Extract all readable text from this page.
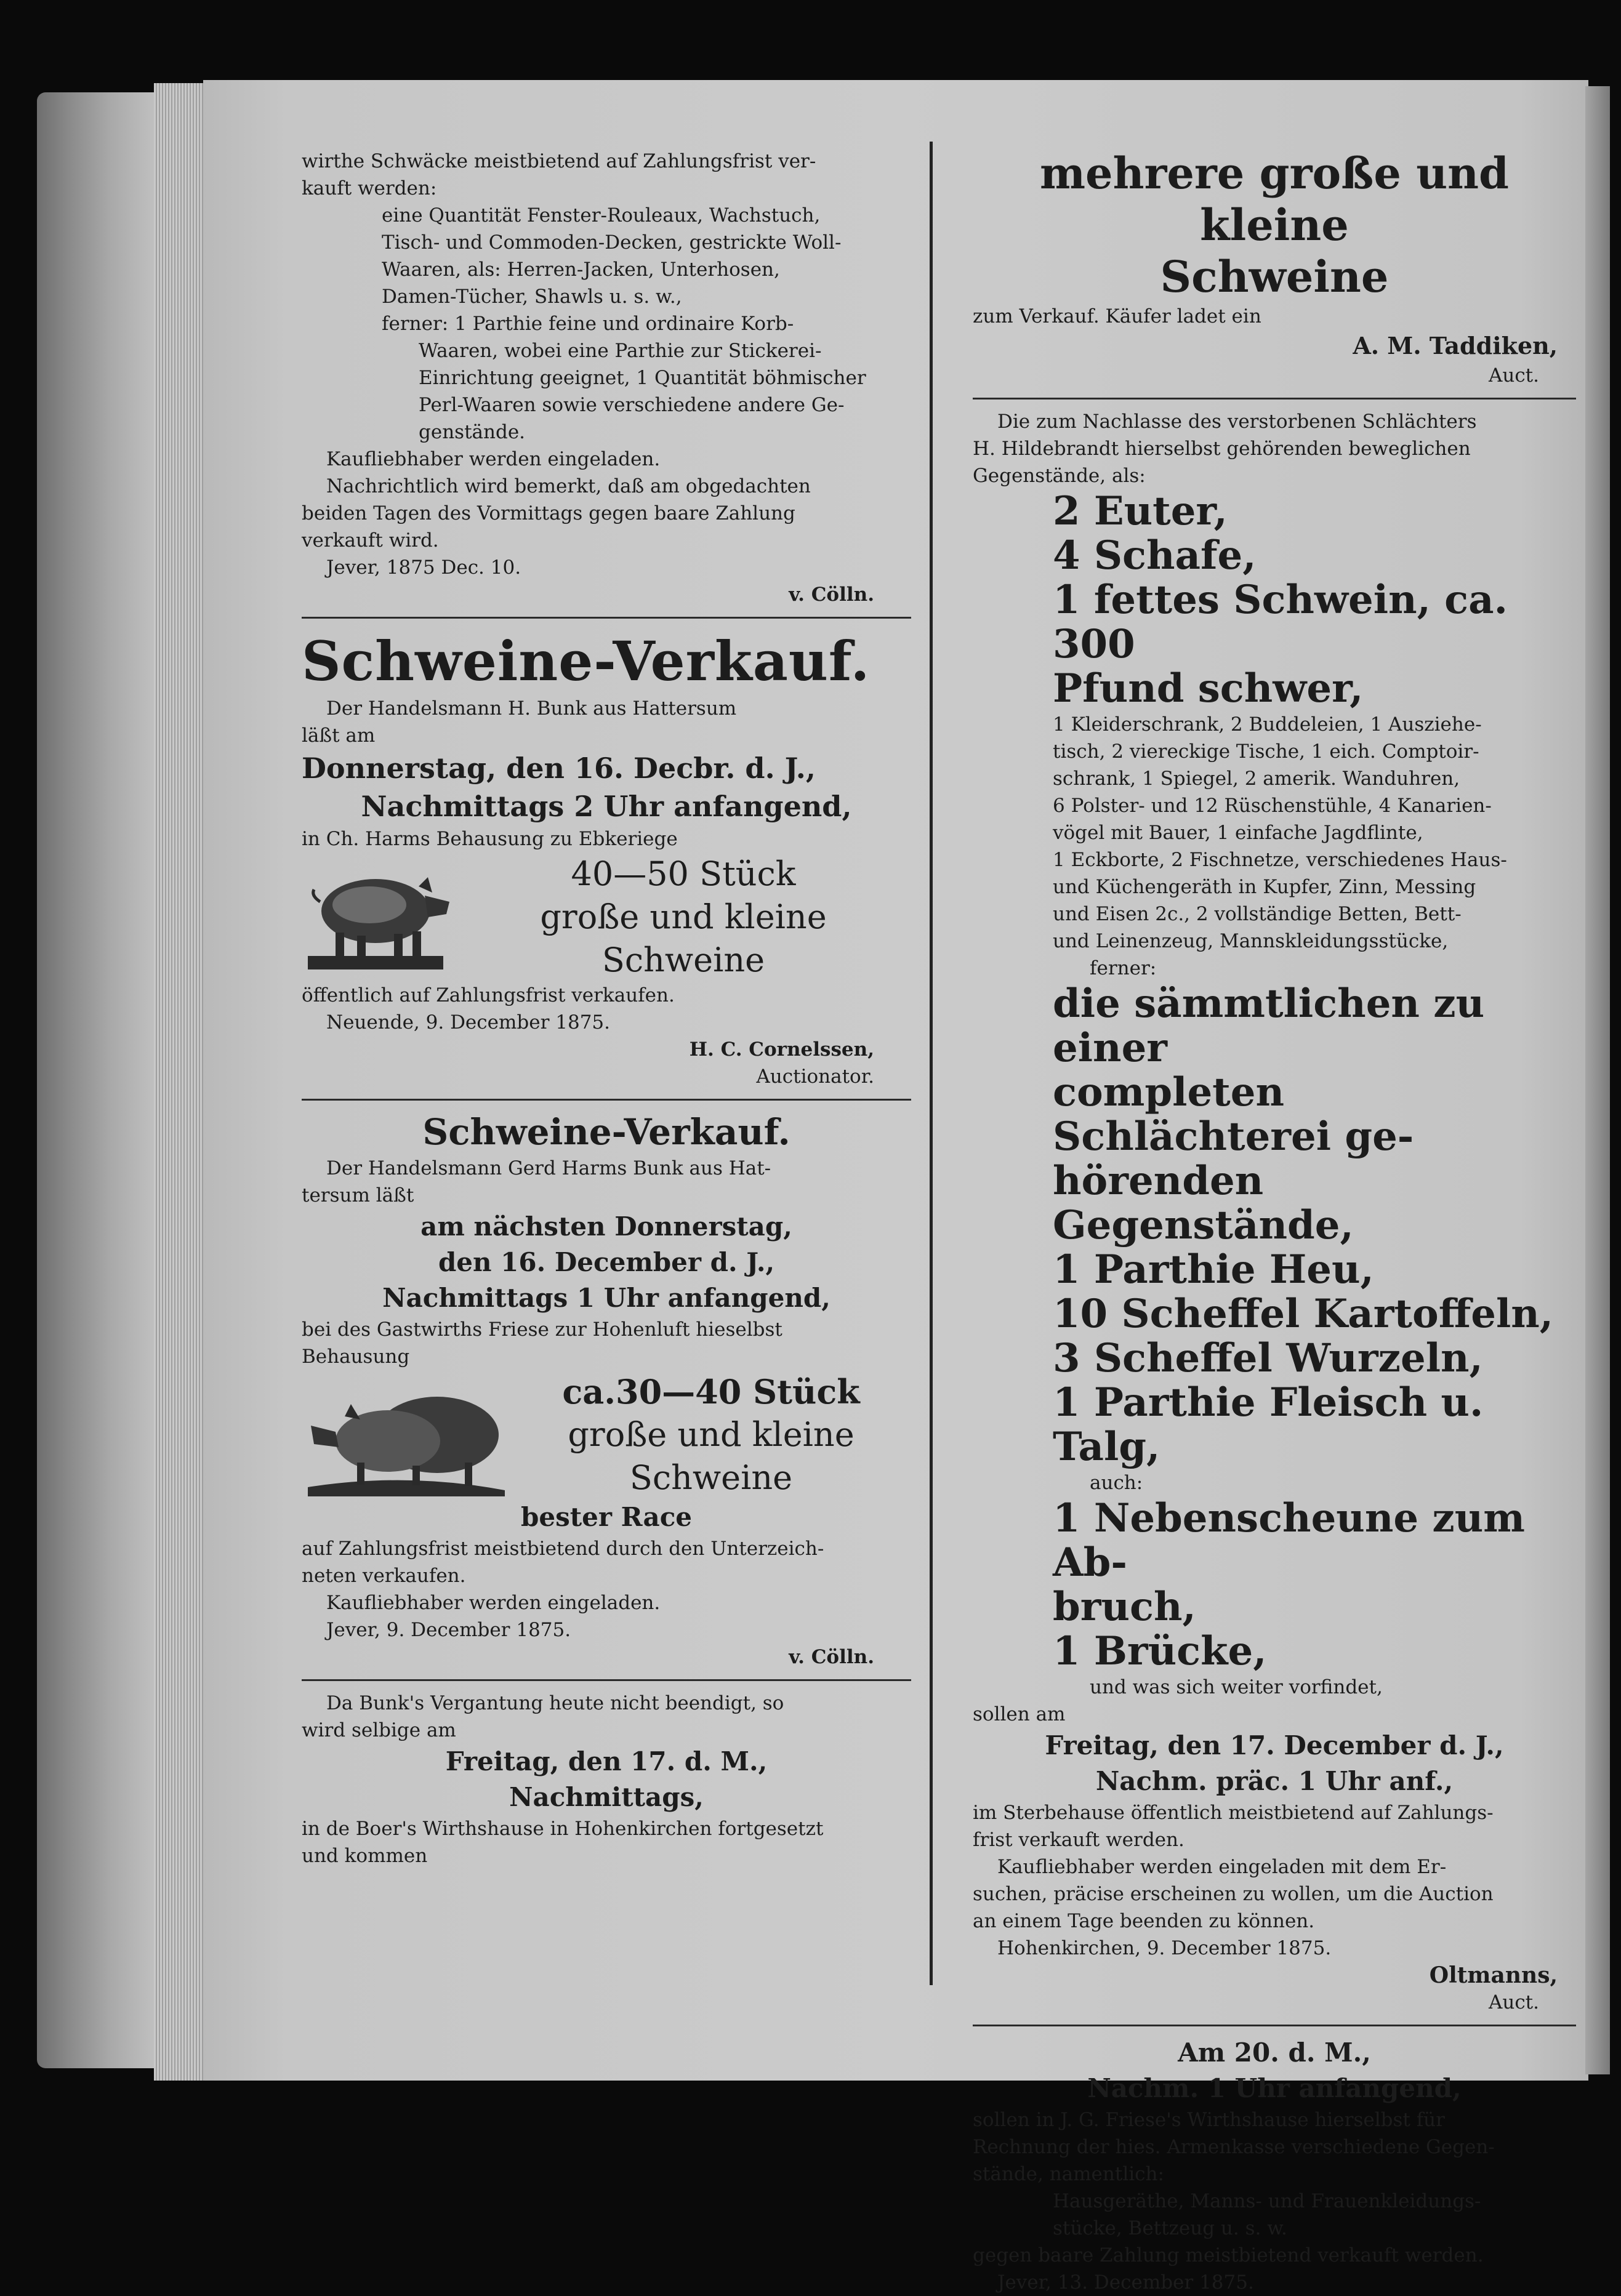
wirthe Schwäcke meistbietend auf Zahlungsfrist ver-

kauft werden:

eine Quantität Fenster-Rouleaux, Wachstuch,

Tisch- und Commoden-Decken, gestrickte Woll-

Waaren, als: Herren-Jacken, Unterhosen,

Damen-Tücher, Shawls u. s. w.,

ferner: 1 Parthie feine und ordinaire Korb-

Waaren, wobei eine Parthie zur Stickerei-

Einrichtung geeignet, 1 Quantität böhmischer

Perl-Waaren sowie verschiedene andere Ge-

genstände.

Kaufliebhaber werden eingeladen.

Nachrichtlich wird bemerkt, daß am obgedachten

beiden Tagen des Vormittags gegen baare Zahlung

verkauft wird.

Jever, 1875 Dec. 10.

v. Cölln.

Schweine-Verkauf.

Der Handelsmann H. Bunk aus Hattersum

läßt am

Donnerstag, den 16. Decbr. d. J.,
Nachmittags 2 Uhr anfangend,

in Ch. Harms Behausung zu Ebkeriege

40—50 Stück
große und kleine
Schweine

öffentlich auf Zahlungsfrist verkaufen.

Neuende, 9. December 1875.

H. C. Cornelssen,

Auctionator.

Schweine-Verkauf.

Der Handelsmann Gerd Harms Bunk aus Hat-

tersum läßt

am nächsten Donnerstag,
den 16. December d. J.,
Nachmittags 1 Uhr anfangend,

bei des Gastwirths Friese zur Hohenluft hieselbst

Behausung

ca.30—40 Stück
große und kleine
Schweine
bester Race

auf Zahlungsfrist meistbietend durch den Unterzeich-

neten verkaufen.

Kaufliebhaber werden eingeladen.

Jever, 9. December 1875.

v. Cölln.

Da Bunk's Vergantung heute nicht beendigt, so

wird selbige am

Freitag, den 17. d. M.,
Nachmittags,

in de Boer's Wirthshause in Hohenkirchen fortgesetzt

und kommen

mehrere große und kleine
Schweine

zum Verkauf. Käufer ladet ein

A. M. Taddiken,

Auct.

Die zum Nachlasse des verstorbenen Schlächters

H. Hildebrandt hierselbst gehörenden beweglichen

Gegenstände, als:

2 Euter,
4 Schafe,
1 fettes Schwein, ca. 300
Pfund schwer,

1 Kleiderschrank, 2 Buddeleien, 1 Ausziehe-

tisch, 2 viereckige Tische, 1 eich. Comptoir-

schrank, 1 Spiegel, 2 amerik. Wanduhren,

6 Polster- und 12 Rüschenstühle, 4 Kanarien-

vögel mit Bauer, 1 einfache Jagdflinte,

1 Eckborte, 2 Fischnetze, verschiedenes Haus-

und Küchengeräth in Kupfer, Zinn, Messing

und Eisen 2c., 2 vollständige Betten, Bett-

und Leinenzeug, Mannskleidungsstücke,

ferner:

die sämmtlichen zu einer
completen Schlächterei ge-
hörenden Gegenstände,
1 Parthie Heu,
10 Scheffel Kartoffeln,
3 Scheffel Wurzeln,
1 Parthie Fleisch u. Talg,

auch:

1 Nebenscheune zum Ab-
bruch,
1 Brücke,

und was sich weiter vorfindet,

sollen am

Freitag, den 17. December d. J.,
Nachm. präc. 1 Uhr anf.,

im Sterbehause öffentlich meistbietend auf Zahlungs-

frist verkauft werden.

Kaufliebhaber werden eingeladen mit dem Er-

suchen, präcise erscheinen zu wollen, um die Auction

an einem Tage beenden zu können.

Hohenkirchen, 9. December 1875.

Oltmanns,

Auct.

Am 20. d. M.,
Nachm. 1 Uhr anfangend,

sollen in J. G. Friese's Wirthshause hierselbst für

Rechnung der hies. Armenkasse verschiedene Gegen-

stände, namentlich:

Hausgeräthe, Manns- und Frauenkleidungs-

stücke, Bettzeug u. s. w.

gegen baare Zahlung meistbietend verkauft werden.

Jever, 13. December 1875.
